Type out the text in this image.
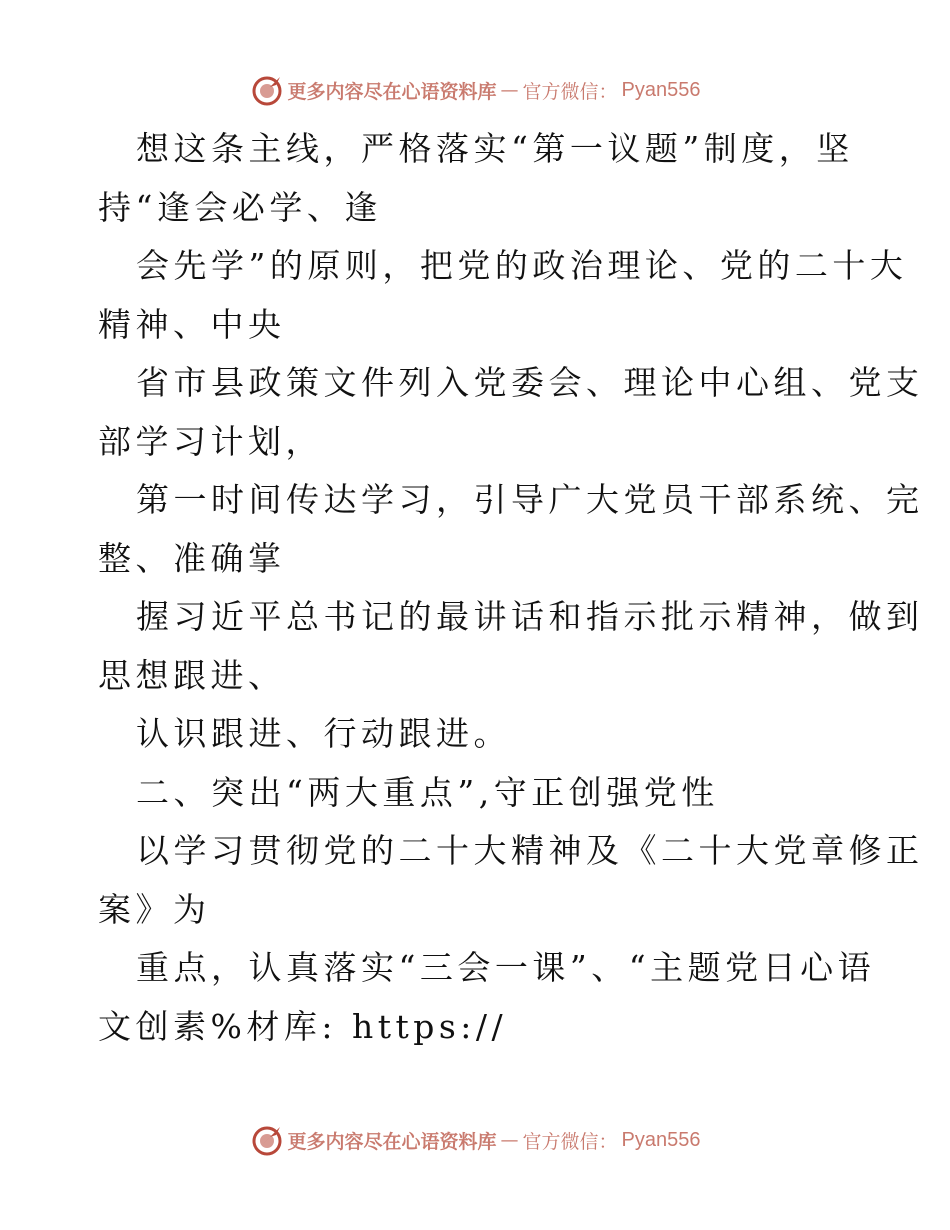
更多内容尽在心语资料库 — 官方微信： Pyan556
想这条主线，严格落实“第一议题”制度，坚
持“逢会必学、逢
会先学”的原则，把党的政治理论、党的二十大
精神、中央
省市县政策文件列入党委会、理论中心组、党支
部学习计划，
第一时间传达学习，引导广大党员干部系统、完
整、准确掌
握习近平总书记的最讲话和指示批示精神，做到
思想跟进、
认识跟进、行动跟进。
二、突出“两大重点”,守正创强党性
以学习贯彻党的二十大精神及《二十大党章修正
案》为
重点，认真落实“三会一课”、“主题党日心语
文创素%材库: https://
更多内容尽在心语资料库 — 官方微信： Pyan556
